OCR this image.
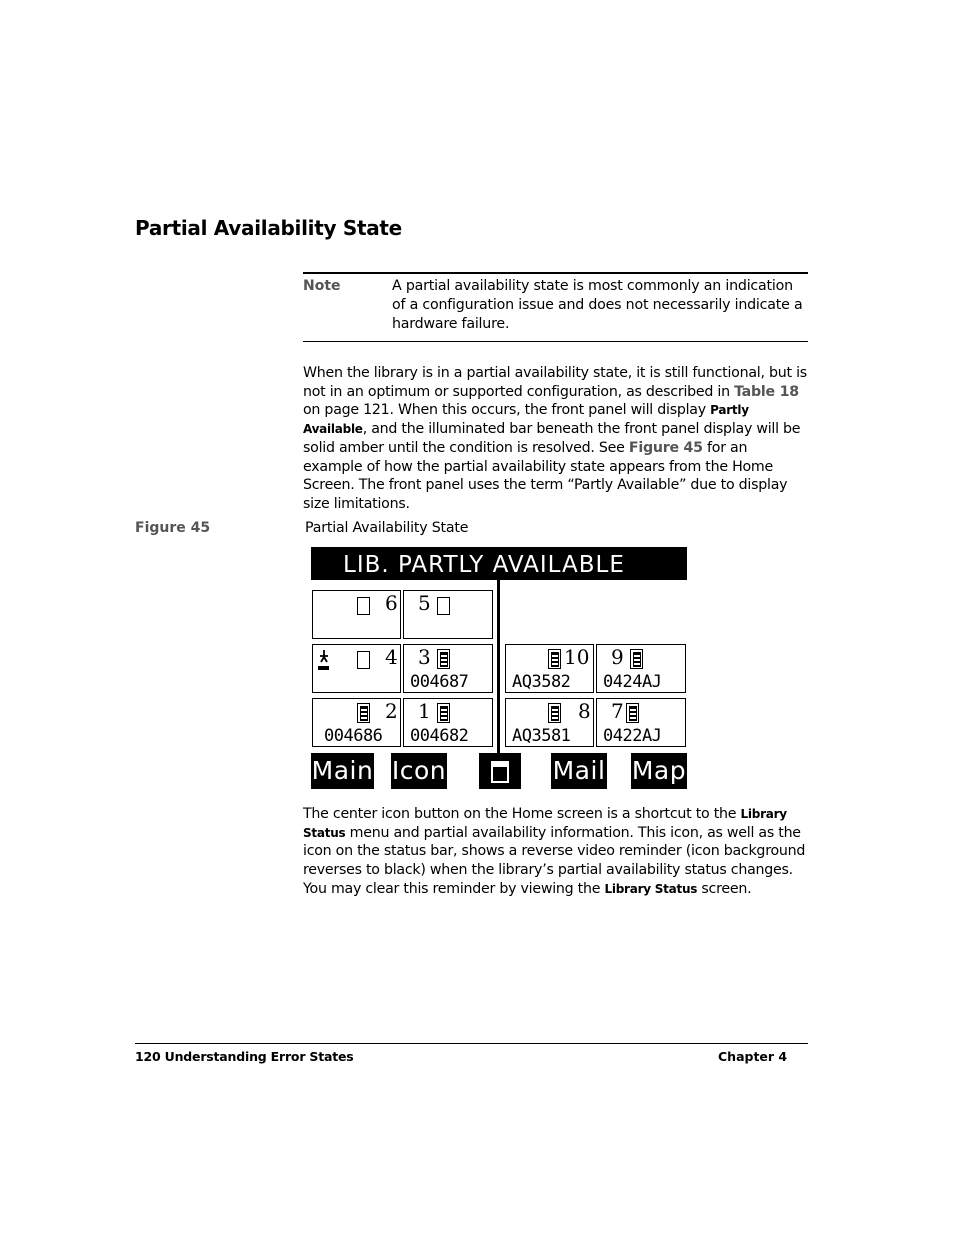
Partial Availability State
Note	A partial availability state is most commonly an indication of a configuration issue and does not necessarily indicate a hardware failure.
When the library is in a partial availability state, it is still functional, but is not in an optimum or supported configuration, as described in Table 18 on page 121. When this occurs, the front panel will display Partly Available, and the illuminated bar beneath the front panel display will be solid amber until the condition is resolved. See Figure 45 for an example of how the partial availability state appears from the Home Screen. The front panel uses the term “Partly Available” due to display size limitations.
Figure 45	Partial Availability State
LIB. PARTLY AVAILABLE
6 5
4 3
004687
10
AQ3582
9
0424AJ
2
004686
1
004682
8
AQ3581
7
0422AJ
Main Icon	Mail Map
The center icon button on the Home screen is a shortcut to the Library Status menu and partial availability information. This icon, as well as the icon on the status bar, shows a reverse video reminder (icon background reverses to black) when the library’s partial availability status changes. You may clear this reminder by viewing the Library Status screen.
120 Understanding Error States	Chapter 4
